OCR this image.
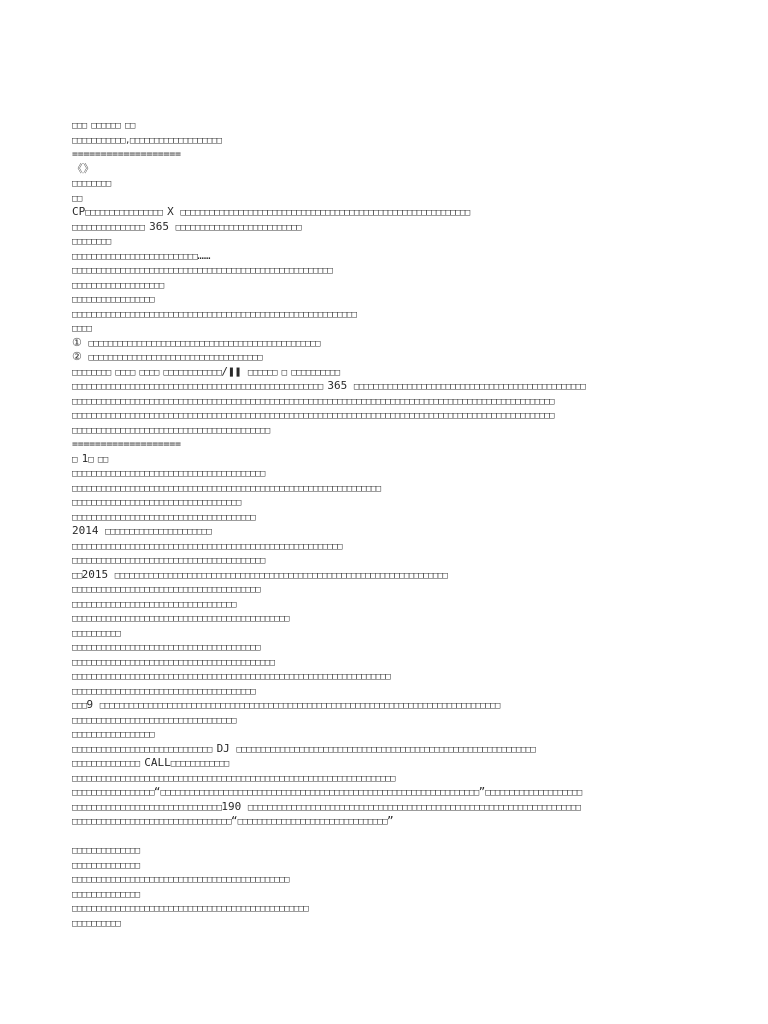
□□□ □□□□□□ □□
□□□□□□□□□□□,□□□□□□□□□□□□□□□□□□□
===================
《》
□□□□□□□□
□□
CP□□□□□□□□□□□□□□□□ X □□□□□□□□□□□□□□□□□□□□□□□□□□□□□□□□□□□□□□□□□□□□□□□□□□□□□□□□□□□□
□□□□□□□□□□□□□□□ 365 □□□□□□□□□□□□□□□□□□□□□□□□□□
□□□□□□□□
□□□□□□□□□□□□□□□□□□□□□□□□□□……
□□□□□□□□□□□□□□□□□□□□□□□□□□□□□□□□□□□□□□□□□□□□□□□□□□□□□□
□□□□□□□□□□□□□□□□□□□
□□□□□□□□□□□□□□□□□
□□□□□□□□□□□□□□□□□□□□□□□□□□□□□□□□□□□□□□□□□□□□□□□□□□□□□□□□□□□
□□□□
① □□□□□□□□□□□□□□□□□□□□□□□□□□□□□□□□□□□□□□□□□□□□□□□□
② □□□□□□□□□□□□□□□□□□□□□□□□□□□□□□□□□□□□
□□□□□□□□ □□□□ □□□□ □□□□□□□□□□□□/❚❚ □□□□□□ □ □□□□□□□□□□
□□□□□□□□□□□□□□□□□□□□□□□□□□□□□□□□□□□□□□□□□□□□□□□□□□□□ 365 □□□□□□□□□□□□□□□□□□□□□□□□□□□□□□□□□□□□□□□□□□□□□□□□
□□□□□□□□□□□□□□□□□□□□□□□□□□□□□□□□□□□□□□□□□□□□□□□□□□□□□□□□□□□□□□□□□□□□□□□□□□□□□□□□□□□□□□□□□□□□□□□□□□□□
□□□□□□□□□□□□□□□□□□□□□□□□□□□□□□□□□□□□□□□□□□□□□□□□□□□□□□□□□□□□□□□□□□□□□□□□□□□□□□□□□□□□□□□□□□□□□□□□□□□□
□□□□□□□□□□□□□□□□□□□□□□□□□□□□□□□□□□□□□□□□□
===================
□ 1□ □□
□□□□□□□□□□□□□□□□□□□□□□□□□□□□□□□□□□□□□□□□
□□□□□□□□□□□□□□□□□□□□□□□□□□□□□□□□□□□□□□□□□□□□□□□□□□□□□□□□□□□□□□□□
□□□□□□□□□□□□□□□□□□□□□□□□□□□□□□□□□□□
□□□□□□□□□□□□□□□□□□□□□□□□□□□□□□□□□□□□□□
2014 □□□□□□□□□□□□□□□□□□□□□□
□□□□□□□□□□□□□□□□□□□□□□□□□□□□□□□□□□□□□□□□□□□□□□□□□□□□□□□□
□□□□□□□□□□□□□□□□□□□□□□□□□□□□□□□□□□□□□□□□
□□2015 □□□□□□□□□□□□□□□□□□□□□□□□□□□□□□□□□□□□□□□□□□□□□□□□□□□□□□□□□□□□□□□□□□□□□
□□□□□□□□□□□□□□□□□□□□□□□□□□□□□□□□□□□□□□□
□□□□□□□□□□□□□□□□□□□□□□□□□□□□□□□□□□
□□□□□□□□□□□□□□□□□□□□□□□□□□□□□□□□□□□□□□□□□□□□□
□□□□□□□□□□
□□□□□□□□□□□□□□□□□□□□□□□□□□□□□□□□□□□□□□□
□□□□□□□□□□□□□□□□□□□□□□□□□□□□□□□□□□□□□□□□□□
□□□□□□□□□□□□□□□□□□□□□□□□□□□□□□□□□□□□□□□□□□□□□□□□□□□□□□□□□□□□□□□□□□
□□□□□□□□□□□□□□□□□□□□□□□□□□□□□□□□□□□□□□
□□□9 □□□□□□□□□□□□□□□□□□□□□□□□□□□□□□□□□□□□□□□□□□□□□□□□□□□□□□□□□□□□□□□□□□□□□□□□□□□□□□□□□□□
□□□□□□□□□□□□□□□□□□□□□□□□□□□□□□□□□□
□□□□□□□□□□□□□□□□□
□□□□□□□□□□□□□□□□□□□□□□□□□□□□□ DJ □□□□□□□□□□□□□□□□□□□□□□□□□□□□□□□□□□□□□□□□□□□□□□□□□□□□□□□□□□□□□□
□□□□□□□□□□□□□□ CALL□□□□□□□□□□□□
□□□□□□□□□□□□□□□□□□□□□□□□□□□□□□□□□□□□□□□□□□□□□□□□□□□□□□□□□□□□□□□□□□□
□□□□□□□□□□□□□□□□□“□□□□□□□□□□□□□□□□□□□□□□□□□□□□□□□□□□□□□□□□□□□□□□□□□□□□□□□□□□□□□□□□□□”□□□□□□□□□□□□□□□□□□□□
□□□□□□□□□□□□□□□□□□□□□□□□□□□□□□□190 □□□□□□□□□□□□□□□□□□□□□□□□□□□□□□□□□□□□□□□□□□□□□□□□□□□□□□□□□□□□□□□□□□□□□
□□□□□□□□□□□□□□□□□□□□□□□□□□□□□□□□□“□□□□□□□□□□□□□□□□□□□□□□□□□□□□□□□”
□□□□□□□□□□□□□□
□□□□□□□□□□□□□□
□□□□□□□□□□□□□□□□□□□□□□□□□□□□□□□□□□□□□□□□□□□□□
□□□□□□□□□□□□□□
□□□□□□□□□□□□□□□□□□□□□□□□□□□□□□□□□□□□□□□□□□□□□□□□□
□□□□□□□□□□
